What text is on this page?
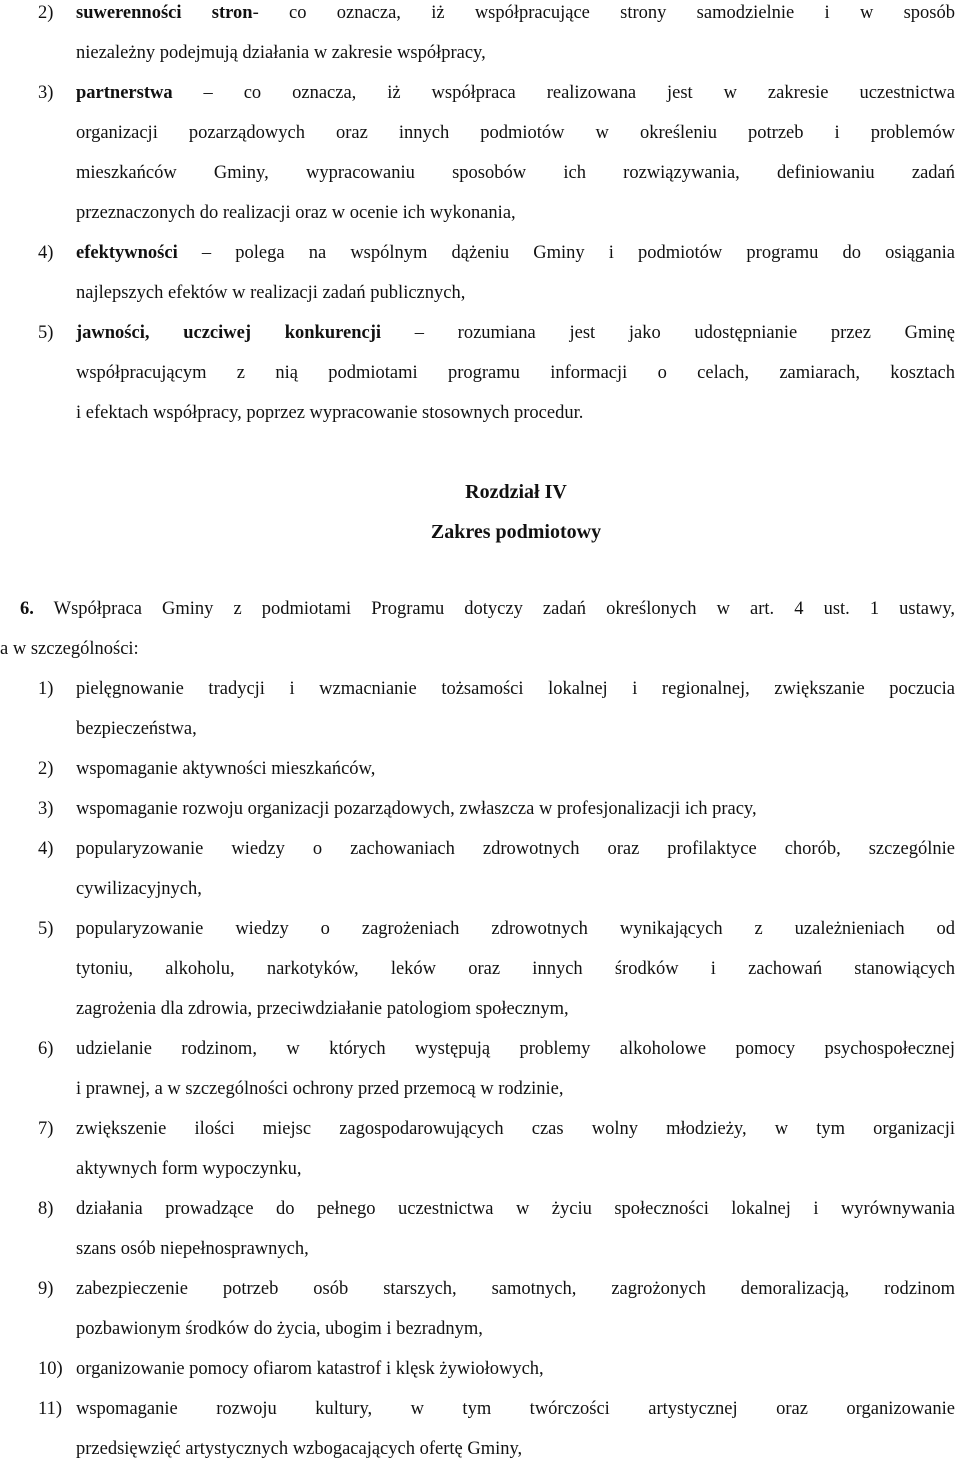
2) suwerenności stron- co oznacza, iż współpracujące strony samodzielnie i w sposób
niezależny podejmują działania w zakresie współpracy,
3) partnerstwa – co oznacza, iż współpraca realizowana jest w zakresie uczestnictwa
organizacji pozarządowych oraz innych podmiotów w określeniu potrzeb i problemów
mieszkańców Gminy, wypracowaniu sposobów ich rozwiązywania, definiowaniu zadań
przeznaczonych do realizacji oraz w ocenie ich wykonania,
4) efektywności – polega na wspólnym dążeniu Gminy i podmiotów programu do osiągania
najlepszych efektów w realizacji zadań publicznych,
5) jawności, uczciwej konkurencji – rozumiana jest jako udostępnianie przez Gminę
współpracującym z nią podmiotami programu informacji o celach, zamiarach, kosztach
i efektach współpracy, poprzez wypracowanie stosownych procedur.
Rozdział IV
Zakres podmiotowy
6. Współpraca Gminy z podmiotami Programu dotyczy zadań określonych w art. 4 ust. 1 ustawy,
a w szczególności:
1) pielęgnowanie tradycji i wzmacnianie tożsamości lokalnej i regionalnej, zwiększanie poczucia
bezpieczeństwa,
2) wspomaganie aktywności mieszkańców,
3) wspomaganie rozwoju organizacji pozarządowych, zwłaszcza w profesjonalizacji ich pracy,
4) popularyzowanie wiedzy o zachowaniach zdrowotnych oraz profilaktyce chorób, szczególnie
cywilizacyjnych,
5) popularyzowanie wiedzy o zagrożeniach zdrowotnych wynikających z uzależnieniach od
tytoniu, alkoholu, narkotyków, leków oraz innych środków i zachowań stanowiących
zagrożenia dla zdrowia, przeciwdziałanie patologiom społecznym,
6) udzielanie rodzinom, w których występują problemy alkoholowe pomocy psychospołecznej
i prawnej, a w szczególności ochrony przed przemocą w rodzinie,
7) zwiększenie ilości miejsc zagospodarowujących czas wolny młodzieży, w tym organizacji
aktywnych form wypoczynku,
8) działania prowadzące do pełnego uczestnictwa w życiu społeczności lokalnej i wyrównywania
szans osób niepełnosprawnych,
9) zabezpieczenie potrzeb osób starszych, samotnych, zagrożonych demoralizacją, rodzinom
pozbawionym środków do życia, ubogim i bezradnym,
10) organizowanie pomocy ofiarom katastrof i klęsk żywiołowych,
11) wspomaganie rozwoju kultury, w tym twórczości artystycznej oraz organizowanie
przedsięwzięć artystycznych wzbogacających ofertę Gminy,
